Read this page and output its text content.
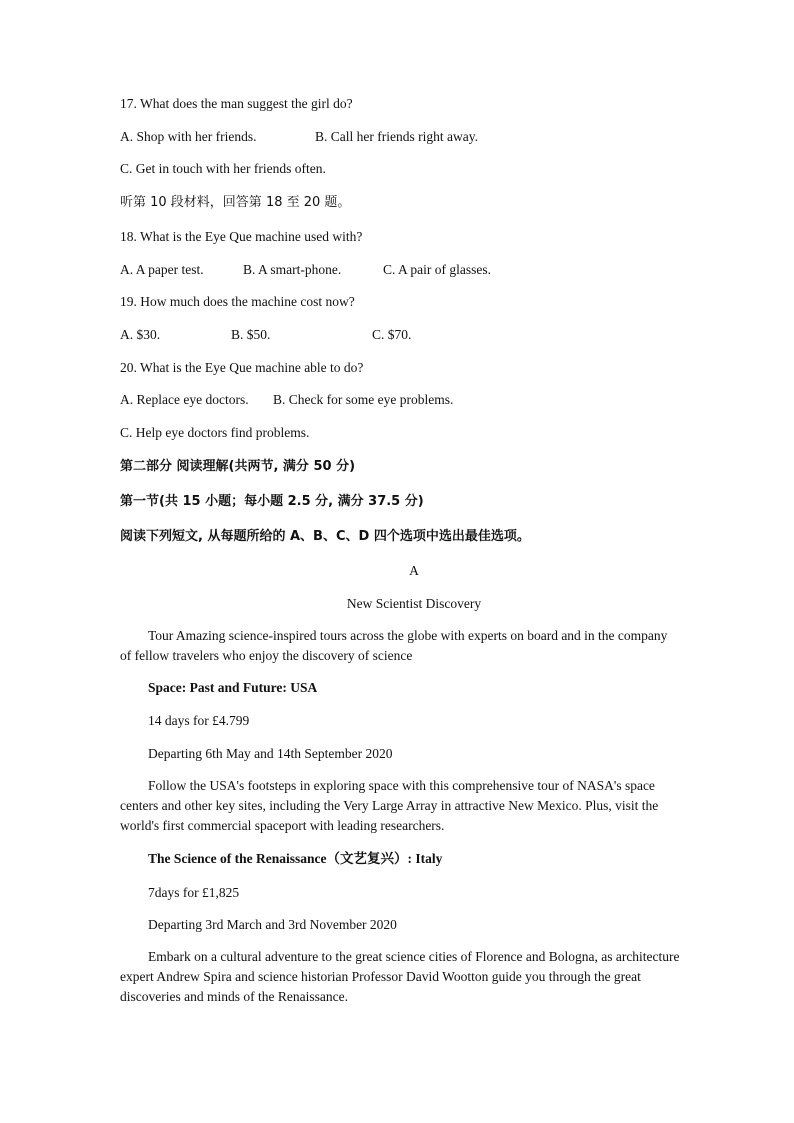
17. What does the man suggest the girl do?
A. Shop with her friends.	B. Call her friends right away.
C. Get in touch with her friends often.
听第 10 段材料，回答第 18 至 20 题。
18. What is the Eye Que machine used with?
A. A paper test.	B. A smart-phone.	C. A pair of glasses.
19. How much does the machine cost now?
A. $30.	B. $50.	C. $70.
20. What is the Eye Que machine able to do?
A. Replace eye doctors. B. Check for some eye problems.
C. Help eye doctors find problems.
第二部分 阅读理解(共两节, 满分 50 分)
第一节(共 15 小题；每小题 2.5 分, 满分 37.5 分)
阅读下列短文, 从每题所给的 A、B、C、D 四个选项中选出最佳选项。
A
New Scientist Discovery
Tour Amazing science-inspired tours across the globe with experts on board and in the company of fellow travelers who enjoy the discovery of science
Space: Past and Future: USA
14 days for £4.799
Departing 6th May and 14th September 2020
Follow the USA's footsteps in exploring space with this comprehensive tour of NASA's space centers and other key sites, including the Very Large Array in attractive New Mexico. Plus, visit the world's first commercial spaceport with leading researchers.
The Science of the Renaissance（文艺复兴）: Italy
7days for £1,825
Departing 3rd March and 3rd November 2020
Embark on a cultural adventure to the great science cities of Florence and Bologna, as architecture expert Andrew Spira and science historian Professor David Wootton guide you through the great discoveries and minds of the Renaissance.
